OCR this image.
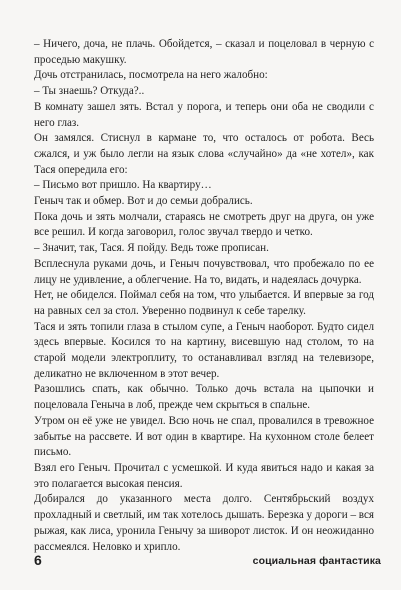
– Ничего, доча, не плачь. Обойдется, – сказал и поцеловал в черную с проседью макушку.

Дочь отстранилась, посмотрела на него жалобно:

– Ты знаешь? Откуда?..

В комнату зашел зять. Встал у порога, и теперь они оба не сводили с него глаз.

Он замялся. Стиснул в кармане то, что осталось от робота. Весь сжался, и уж было легли на язык слова «случайно» да «не хотел», как Тася опередила его:

– Письмо вот пришло. На квартиру…

Геныч так и обмер. Вот и до семьи добрались.

Пока дочь и зять молчали, стараясь не смотреть друг на друга, он уже все решил. И когда заговорил, голос звучал твердо и четко.

– Значит, так, Тася. Я пойду. Ведь тоже прописан.

Всплеснула руками дочь, и Геныч почувствовал, что пробежало по ее лицу не удивление, а облегчение. На то, видать, и надеялась дочурка.

Нет, не обиделся. Поймал себя на том, что улыбается. И впервые за год на равных сел за стол. Уверенно подвинул к себе тарелку.

Тася и зять топили глаза в стылом супе, а Геныч наоборот. Будто сидел здесь впервые. Косился то на картину, висевшую над столом, то на старой модели электроплиту, то останавливал взгляд на телевизоре, деликатно не включенном в этот вечер.

Разошлись спать, как обычно. Только дочь встала на цыпочки и поцеловала Геныча в лоб, прежде чем скрыться в спальне.

Утром он её уже не увидел. Всю ночь не спал, провалился в тревожное забытье на рассвете. И вот один в квартире. На кухонном столе белеет письмо.

Взял его Геныч. Прочитал с усмешкой. И куда явиться надо и какая за это полагается высокая пенсия.

Добирался до указанного места долго. Сентябрьский воздух прохладный и светлый, им так хотелось дышать. Березка у дороги – вся рыжая, как лиса, уронила Генычу за шиворот листок. И он неожиданно рассмеялся. Неловко и хрипло.

6	социальная фантастика
